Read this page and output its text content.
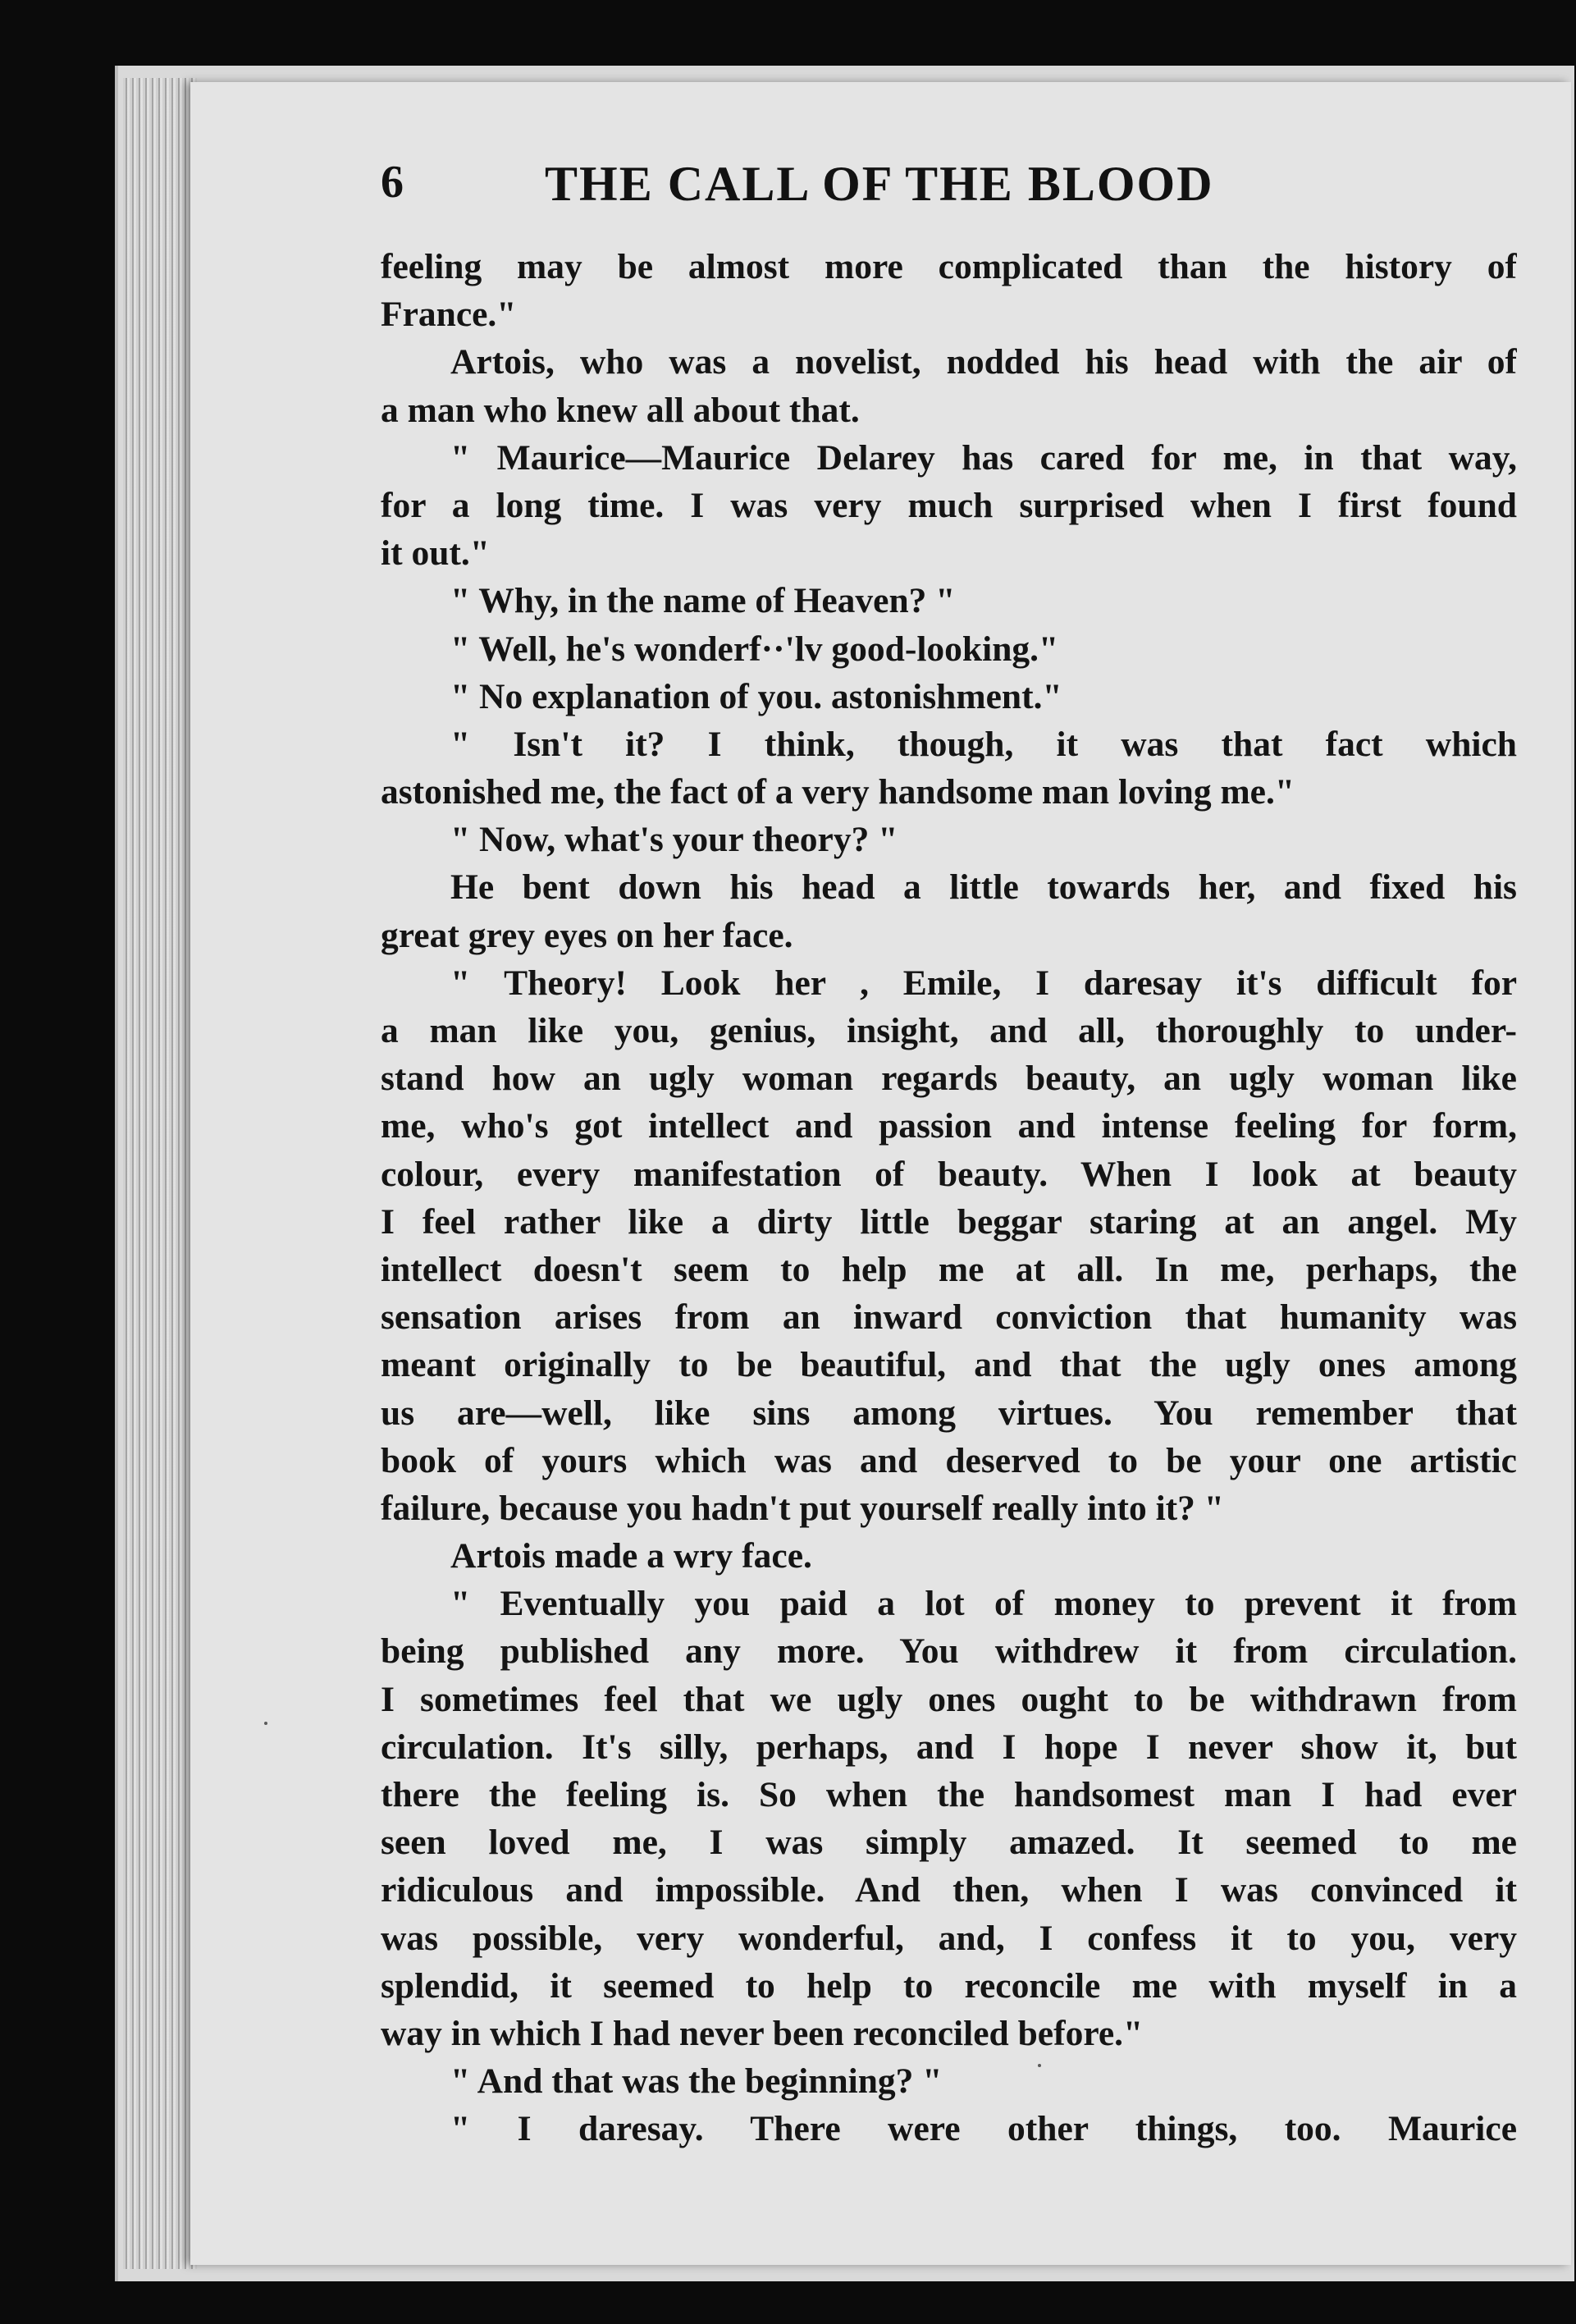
6	THE CALL OF THE BLOOD
feeling may be almost more complicated than the history of
France."
Artois, who was a novelist, nodded his head with the air of
a man who knew all about that.
" Maurice—Maurice Delarey has cared for me, in that way,
for a long time. I was very much surprised when I first found
it out."
" Why, in the name of Heaven? "
" Well, he's wonderf··'lv good-looking."
" No explanation of you. astonishment."
" Isn't it? I think, though, it was that fact which
astonished me, the fact of a very handsome man loving me."
" Now, what's your theory? "
He bent down his head a little towards her, and fixed his
great grey eyes on her face.
" Theory! Look her , Emile, I daresay it's difficult for
a man like you, genius, insight, and all, thoroughly to under-
stand how an ugly woman regards beauty, an ugly woman like
me, who's got intellect and passion and intense feeling for form,
colour, every manifestation of beauty. When I look at beauty
I feel rather like a dirty little beggar staring at an angel. My
intellect doesn't seem to help me at all. In me, perhaps, the
sensation arises from an inward conviction that humanity was
meant originally to be beautiful, and that the ugly ones among
us are—well, like sins among virtues. You remember that
book of yours which was and deserved to be your one artistic
failure, because you hadn't put yourself really into it? "
Artois made a wry face.
" Eventually you paid a lot of money to prevent it from
being published any more. You withdrew it from circulation.
I sometimes feel that we ugly ones ought to be withdrawn from
circulation. It's silly, perhaps, and I hope I never show it, but
there the feeling is. So when the handsomest man I had ever
seen loved me, I was simply amazed. It seemed to me
ridiculous and impossible. And then, when I was convinced it
was possible, very wonderful, and, I confess it to you, very
splendid, it seemed to help to reconcile me with myself in a
way in which I had never been reconciled before."
" And that was the beginning? "
" I daresay. There were other things, too. Maurice
